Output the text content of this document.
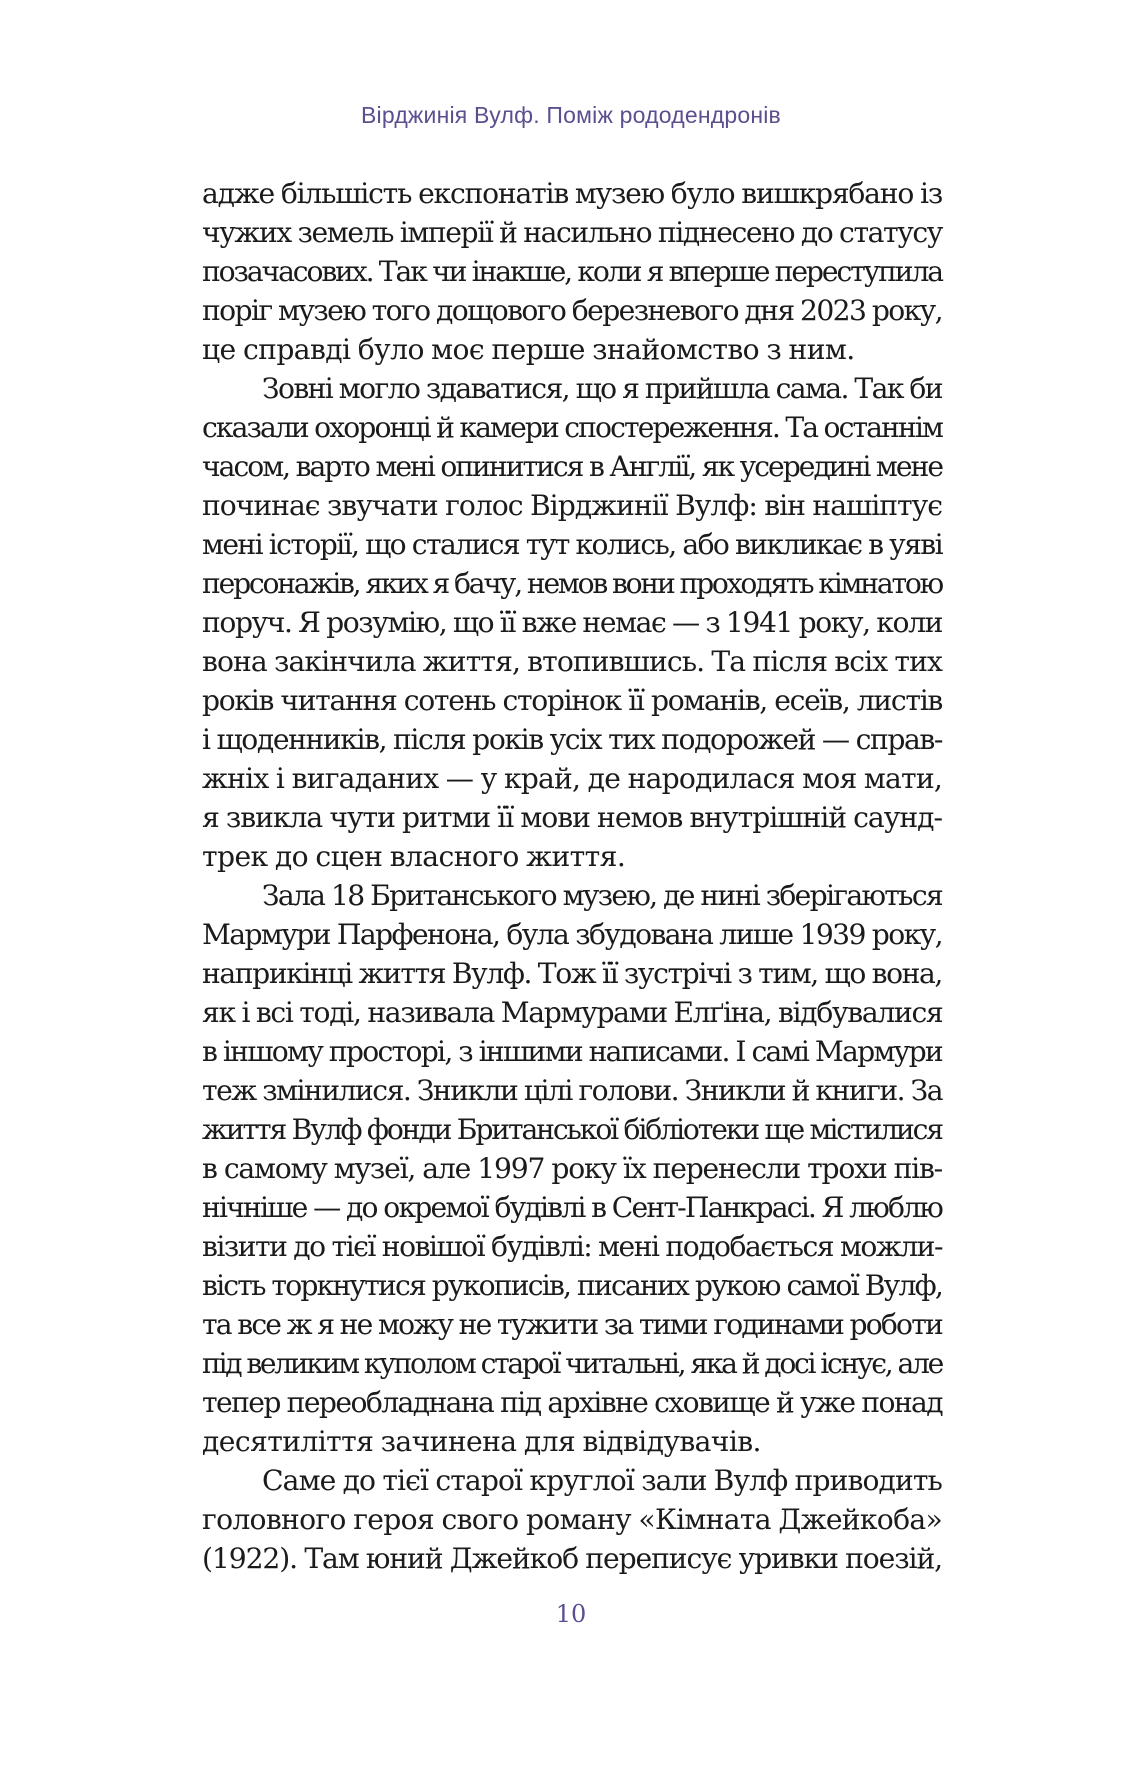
Вірджинія Вулф. Поміж рододендронів
адже більшість експонатів музею було вишкрябано із
чужих земель імперії й насильно піднесено до статусу
позачасових. Так чи інакше, коли я вперше переступила
поріг музею того дощового березневого дня 2023 року,
це справді було моє перше знайомство з ним.
Зовні могло здаватися, що я прийшла сама. Так би
сказали охоронці й камери спостереження. Та останнім
часом, варто мені опинитися в Англії, як усередині мене
починає звучати голос Вірджинії Вулф: він нашіптує
мені історії, що сталися тут колись, або викликає в уяві
персонажів, яких я бачу, немов вони проходять кімнатою
поруч. Я розумію, що її вже немає — з 1941 року, коли
вона закінчила життя, втопившись. Та після всіх тих
років читання сотень сторінок її романів, есеїв, листів
і щоденників, після років усіх тих подорожей — справ-
жніх і вигаданих — у край, де народилася моя мати,
я звикла чути ритми її мови немов внутрішній саунд-
трек до сцен власного життя.
Зала 18 Британського музею, де нині зберігаються
Мармури Парфенона, була збудована лише 1939 року,
наприкінці життя Вулф. Тож її зустрічі з тим, що вона,
як і всі тоді, називала Мармурами Елґіна, відбувалися
в іншому просторі, з іншими написами. І самі Мармури
теж змінилися. Зникли цілі голови. Зникли й книги. За
життя Вулф фонди Британської бібліотеки ще містилися
в самому музеї, але 1997 року їх перенесли трохи пів-
нічніше — до окремої будівлі в Сент-Панкрасі. Я люблю
візити до тієї новішої будівлі: мені подобається можли-
вість торкнутися рукописів, писаних рукою самої Вулф,
та все ж я не можу не тужити за тими годинами роботи
під великим куполом старої читальні, яка й досі існує, але
тепер переобладнана під архівне сховище й уже понад
десятиліття зачинена для відвідувачів.
Саме до тієї старої круглої зали Вулф приводить
головного героя свого роману «Кімната Джейкоба»
(1922). Там юний Джейкоб переписує уривки поезій,
10
